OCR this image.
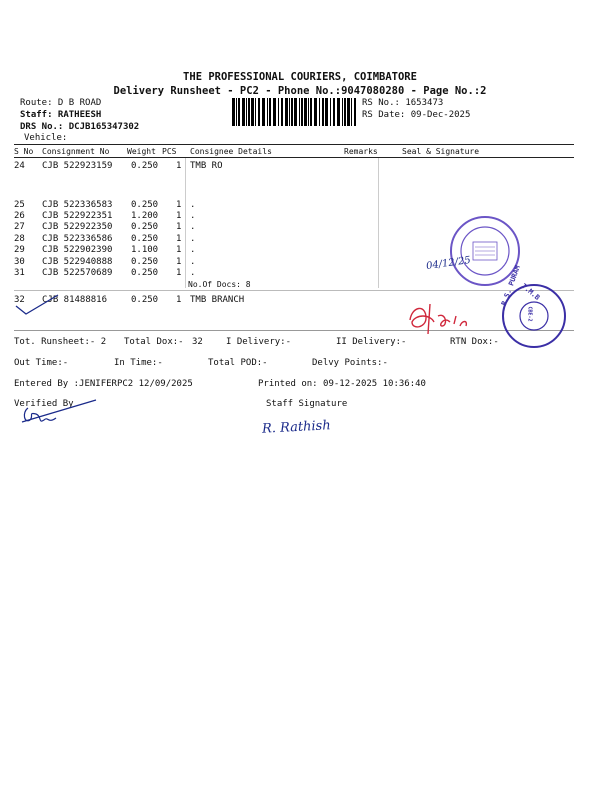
THE PROFESSIONAL COURIERS, COIMBATORE
Delivery Runsheet - PC2 - Phone No.:9047080280 - Page No.:2
Route: D B ROAD
Staff: RATHEESH
DRS No.: DCJB165347302
Vehicle:
RS No.: 1653473
RS Date: 09-Dec-2025
S No Consignment No Weight PCS Consignee Details	Remarks	Seal & Signature
24 CJB 522923159 0.250 1 TMB RO
25 CJB 522336583 0.250 1 .
26 CJB 522922351 1.200 1 .
27 CJB 522922350 0.250 1 .
28 CJB 522336586 0.250 1 .
29 CJB 522902390 1.100 1 .
30 CJB 522940888 0.250 1 .
31 CJB 522570689 0.250 1 .
No.Of Docs: 8
32 CJB 81488816	0.250 1 TMB BRANCH
Tot. Runsheet:- 2 Total Dox:- 32	I Delivery:-	II Delivery:-	RTN Dox:-
Out Time:-	In Time:-	Total POD:-	Delvy Points:-
Entered By :JENIFERPC2 12/09/2025	Printed on: 09-12-2025 10:36:40
Verified By	Staff Signature
04/12/25
T.M.B
R.S. PURAM
CBE-2
R. Rathish
